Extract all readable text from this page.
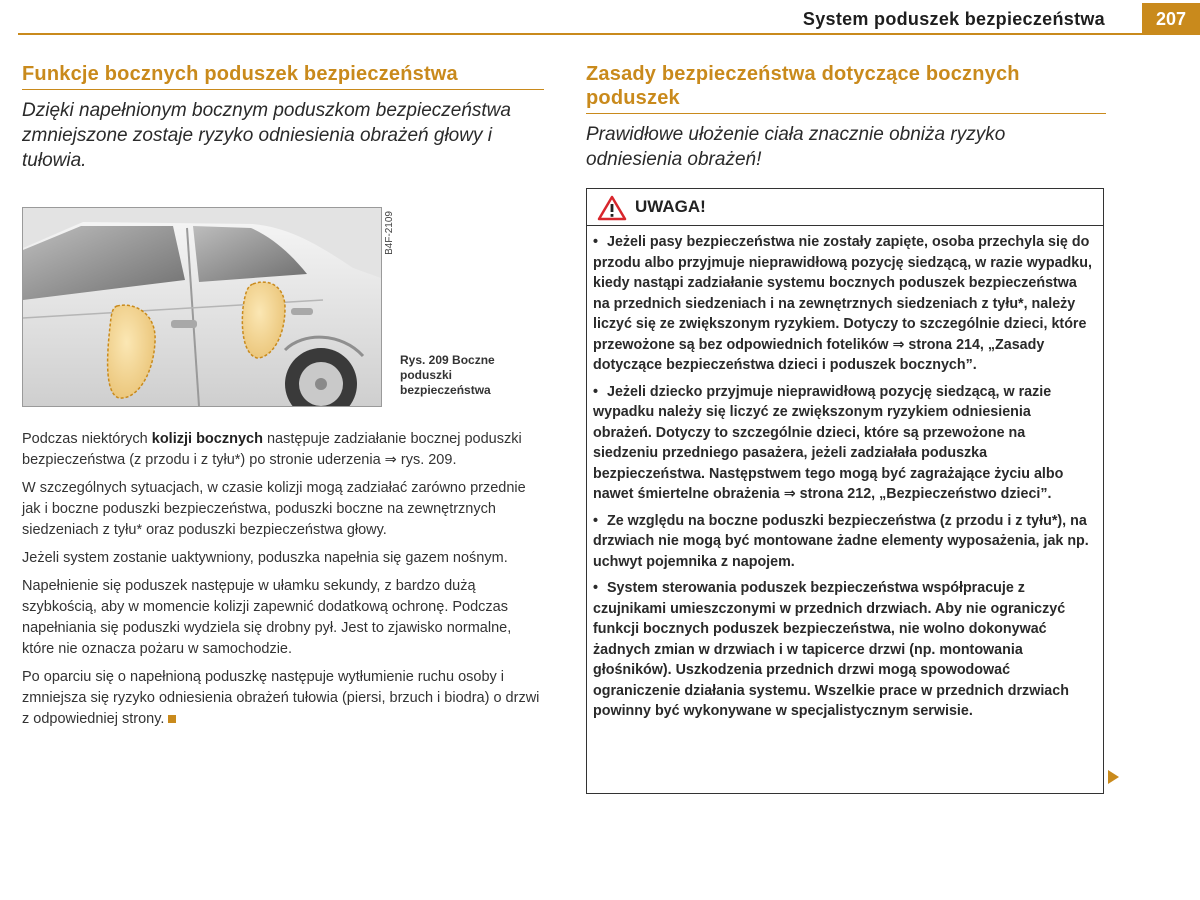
System poduszek bezpieczeństwa	207
Funkcje bocznych poduszek bezpieczeństwa

Dzięki napełnionym bocznym poduszkom bezpieczeństwa zmniejszone zostaje ryzyko odniesienia obrażeń głowy i tułowia.

B4F-2109
Rys. 209 Boczne poduszki bezpieczeństwa

Podczas niektórych kolizji bocznych następuje zadziałanie bocznej poduszki bezpieczeństwa (z przodu i z tyłu*) po stronie uderzenia ⇒ rys. 209.

W szczególnych sytuacjach, w czasie kolizji mogą zadziałać zarówno przednie jak i boczne poduszki bezpieczeństwa, poduszki boczne na zewnętrznych siedzeniach z tyłu* oraz poduszki bezpieczeństwa głowy.

Jeżeli system zostanie uaktywniony, poduszka napełnia się gazem nośnym.

Napełnienie się poduszek następuje w ułamku sekundy, z bardzo dużą szybkością, aby w momencie kolizji zapewnić dodatkową ochronę. Podczas napełniania się poduszki wydziela się drobny pył. Jest to zjawisko normalne, które nie oznacza pożaru w samochodzie.

Po oparciu się o napełnioną poduszkę następuje wytłumienie ruchu osoby i zmniejsza się ryzyko odniesienia obrażeń tułowia (piersi, brzuch i biodra) o drzwi z odpowiedniej strony.

Zasady bezpieczeństwa dotyczące bocznych poduszek

Prawidłowe ułożenie ciała znacznie obniża ryzyko odniesienia obrażeń!

UWAGA!

• Jeżeli pasy bezpieczeństwa nie zostały zapięte, osoba przechyla się do przodu albo przyjmuje nieprawidłową pozycję siedzącą, w razie wypadku, kiedy nastąpi zadziałanie systemu bocznych poduszek bezpieczeństwa na przednich siedzeniach i na zewnętrznych siedzeniach z tyłu*, należy liczyć się ze zwiększonym ryzykiem. Dotyczy to szczególnie dzieci, które przewożone są bez odpowiednich fotelików ⇒ strona 214, „Zasady dotyczące bezpieczeństwa dzieci i poduszek bocznych”.

• Jeżeli dziecko przyjmuje nieprawidłową pozycję siedzącą, w razie wypadku należy się liczyć ze zwiększonym ryzykiem odniesienia obrażeń. Dotyczy to szczególnie dzieci, które są przewożone na siedzeniu przedniego pasażera, jeżeli zadziałała poduszka bezpieczeństwa. Następstwem tego mogą być zagrażające życiu albo nawet śmiertelne obrażenia ⇒ strona 212, „Bezpieczeństwo dzieci”.

• Ze względu na boczne poduszki bezpieczeństwa (z przodu i z tyłu*), na drzwiach nie mogą być montowane żadne elementy wyposażenia, jak np. uchwyt pojemnika z napojem.

• System sterowania poduszek bezpieczeństwa współpracuje z czujnikami umieszczonymi w przednich drzwiach. Aby nie ograniczyć funkcji bocznych poduszek bezpieczeństwa, nie wolno dokonywać żadnych zmian w drzwiach i w tapicerce drzwi (np. montowania głośników). Uszkodzenia przednich drzwi mogą spowodować ograniczenie działania systemu. Wszelkie prace w przednich drzwiach powinny być wykonywane w specjalistycznym serwisie.
